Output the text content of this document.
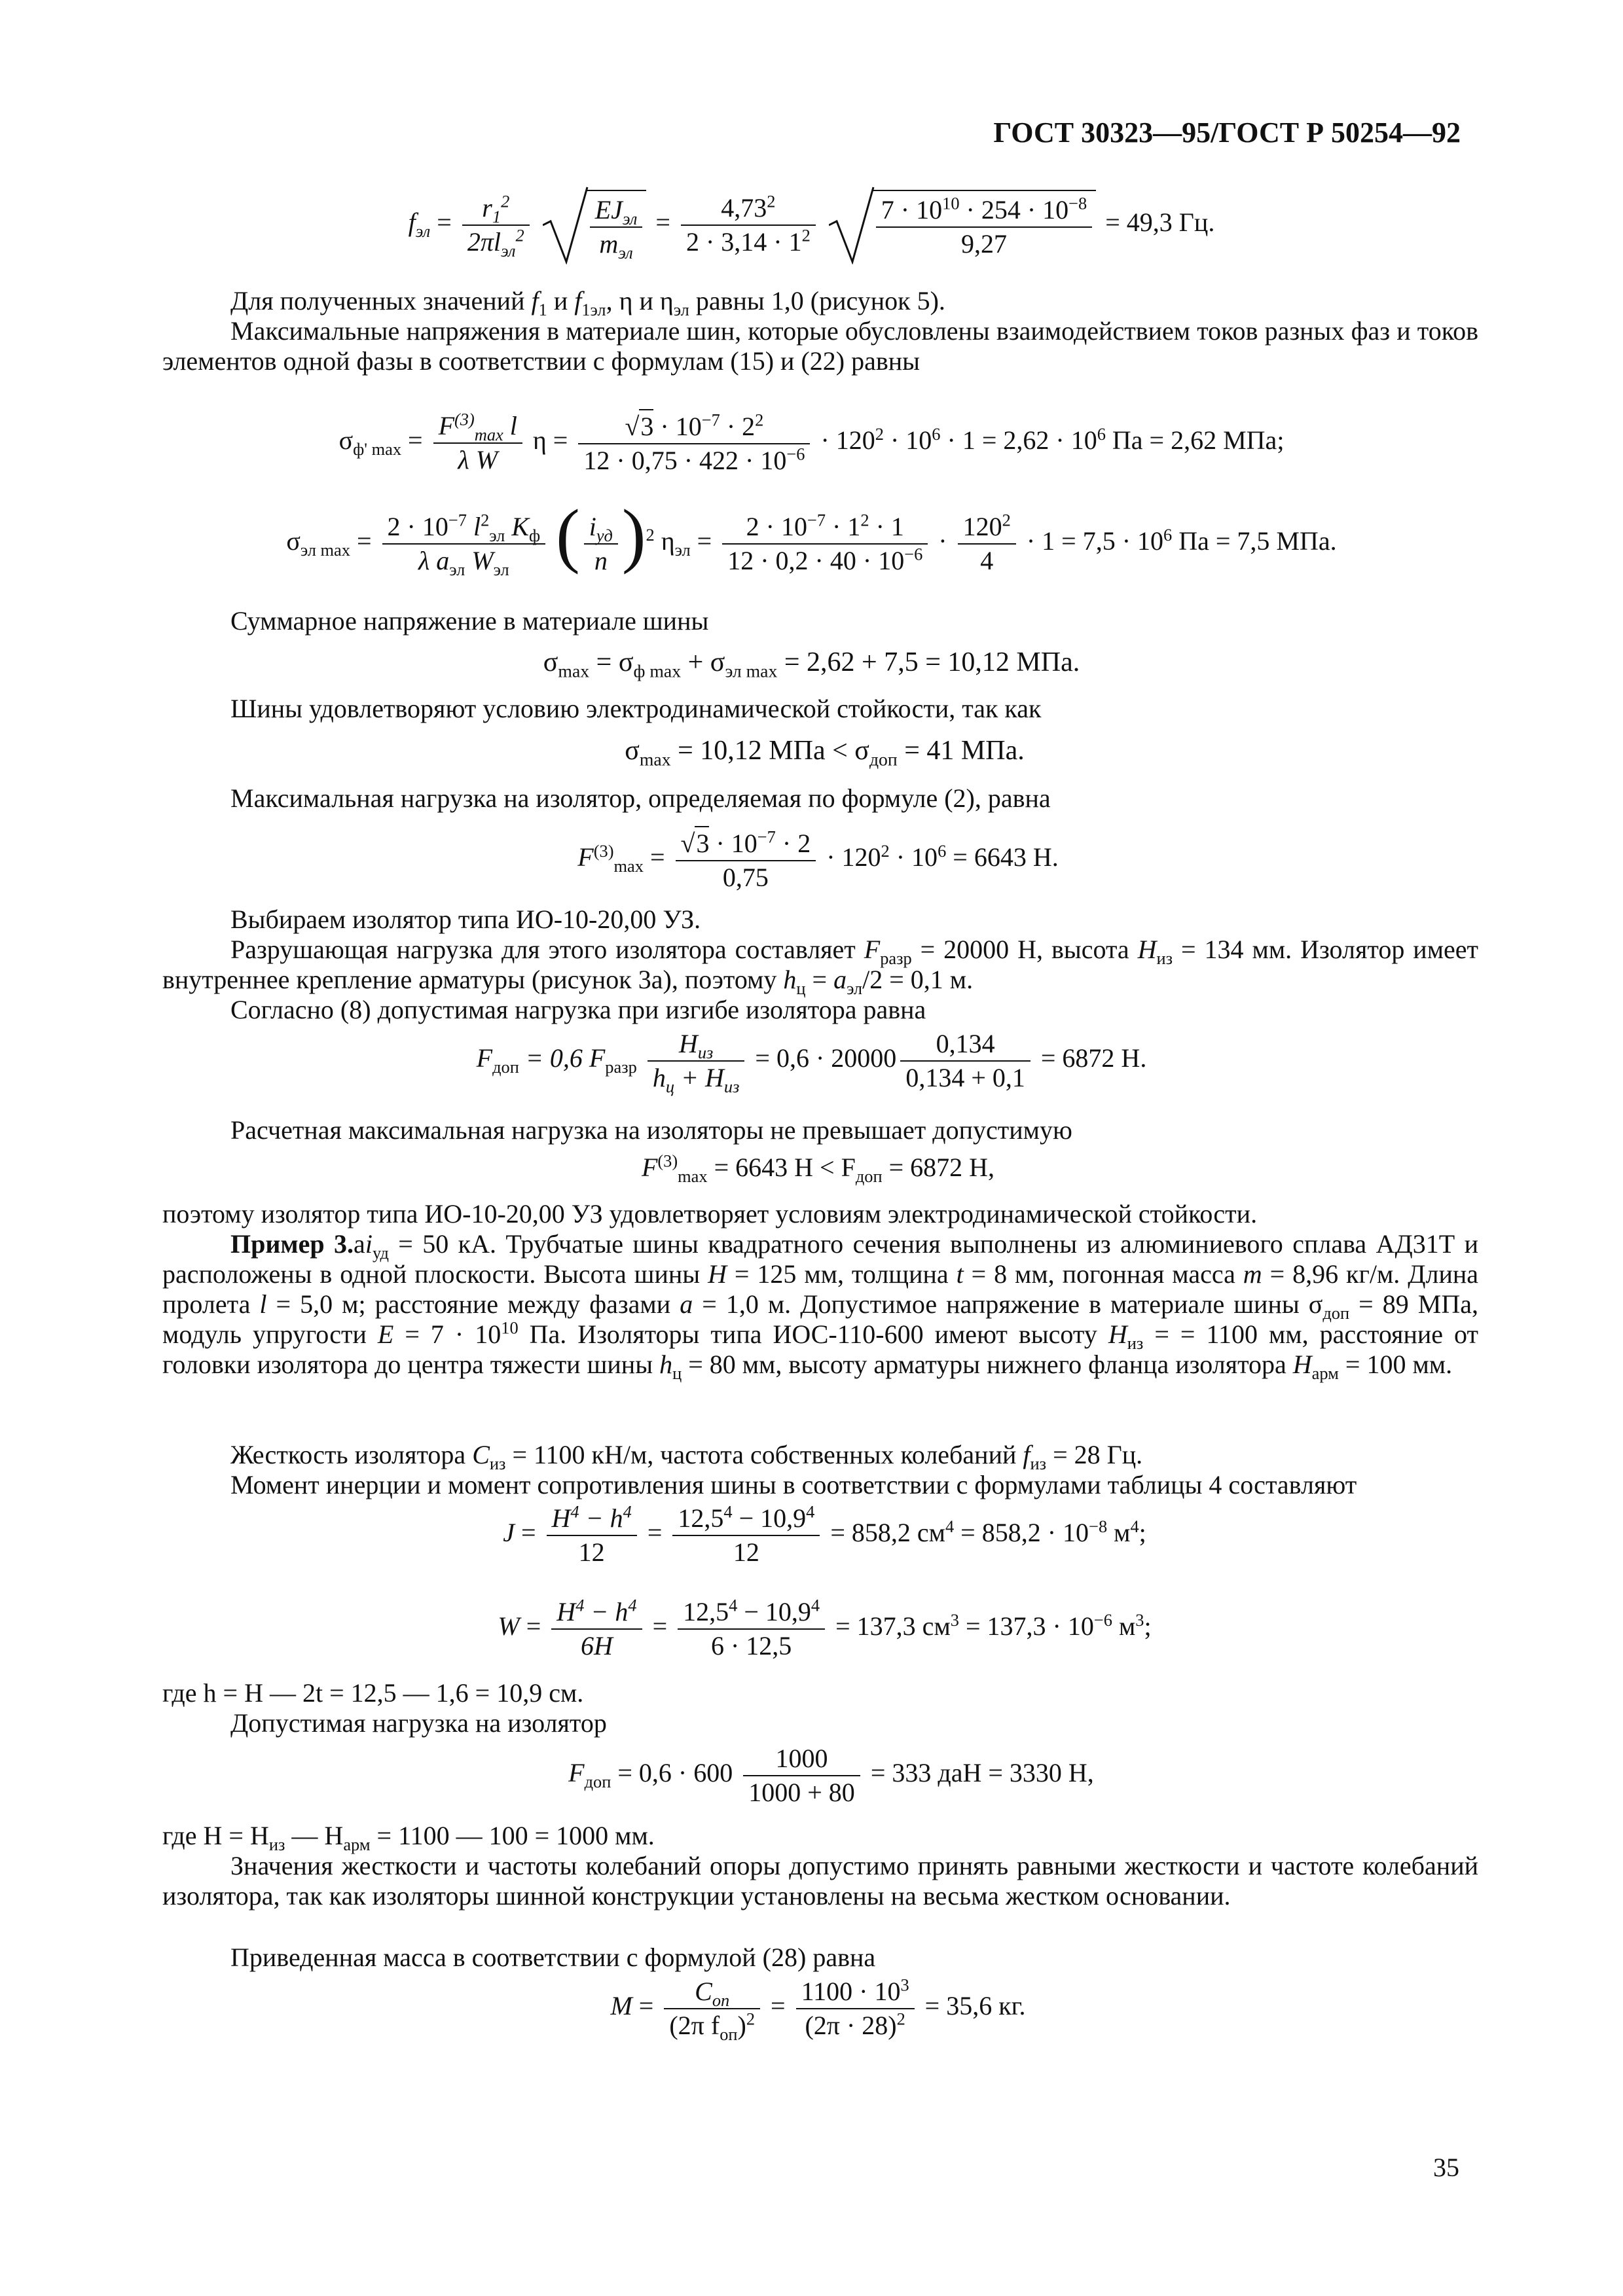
ГОСТ 30323—95/ГОСТ Р 50254—92
$f_{эл} = \frac{r_1^2}{2\pi l_{эл}^2}$
$\frac{EJ_{эл}}{m_{эл}} = \frac{4,73^2}{2 \cdot 3,14 \cdot 1^2}$
$\frac{7 \cdot 10^{10} \cdot 254 \cdot 10^{-8}}{9,27} = 49,3$ Гц.
Для полученных значений $f_1$ и $f_{1эл}$, η и $\eta_{эл}$ равны 1,0 (рисунок 5).
Максимальные напряжения в материале шин, которые обусловлены взаимодействием токов разных фаз и токов элементов одной фазы в соответствии с формулам (15) и (22) равны
$\sigma_{ф' max} = \frac{F^{(3)}_{max} l}{\text{λ W}}$ $\eta = \frac{√3 \cdot 10^{-7} \cdot 2^2}{12 \cdot 0,75 \cdot 422 \cdot 10^{-6}} \cdot 120^2 \cdot 10^6 \cdot 1 = 2,62 \cdot 10^6$ Па = 2,62 МПа;
$\sigma_{эл max} = \frac{2 \cdot 10^{-7} l^2_{эл} K_ф}{\lambda a_{эл} W_{эл}}$ ( $\frac{i_{уд}}{n} )^2$ $\eta_{эл} = \frac{2 \cdot 10^{-7} \cdot 1^2 \cdot 1}{12 \cdot 0,2 \cdot 40 \cdot 10^{-6}} \cdot \frac{120^2}{4} \cdot 1 = 7,5 \cdot 10^6$ Па = 7,5 МПа.
Суммарное напряжение в материале шины
$\sigma_{max} = \sigma_{ф max} + \sigma_{эл max} = 2,62 + 7,5 = 10,12$ МПа.
Шины удовлетворяют условию электродинамической стойкости, так как
$\sigma_{max} = 10,12$ МПа < $\sigma_{доп} = 41$ МПа.
Максимальная нагрузка на изолятор, определяемая по формуле (2), равна
$F^{(3)}_{max} = \frac{√3 \cdot 10^{-7} \cdot 2}{0,75} \cdot 120^2 \cdot 10^6 = 6643$ Н.
Выбираем изолятор типа ИО-10-20,00 УЗ.
Разрушающая нагрузка для этого изолятора составляет $F_{разр} = 20000$ Н, высота $H_{из} = 134$ мм. Изолятор имеет внутреннее крепление арматуры (рисунок 3а), поэтому $h_ц = a_{эл}/2 = 0,1$ м.
Согласно (8) допустимая нагрузка при изгибе изолятора равна
$F_{доп} = 0,6$ $F_{разр} \frac{H_{из}}{h_ц + H_{из}} = 0,6 \cdot 20000 \frac{0,134}{0,134 + 0,1} = 6872$ Н.
Расчетная максимальная нагрузка на изоляторы не превышает допустимую
$F^{(3)}_{max} = 6643$ $Н < F_{доп} = 6872$ Н,
поэтому изолятор типа ИО-10-20,00 УЗ удовлетворяет условиям электродинамической стойкости.
Пример $3.ai_{уд} = 50$ кА. Трубчатые шины квадратного сечения выполнены из алюминиевого сплава АД31Т и расположены в одной плоскости. Высота шины H = 125 мм, толщина t = 8 мм, погонная масса m = 8,96 кг/м. Длина пролета l = 5,0 м; расстояние между фазами a = 1,0 м. Допустимое напряжение в материале шины $\sigma_{доп} = 89$ МПа, модуль упругости $E = 7 \cdot 10^{10}$ Па. Изоляторы типа ИОС-110-600 имеют высоту $H_{из}$ = = 1100 мм, расстояние от головки изолятора до центра тяжести шины $h_ц = 80$ мм, высоту арматуры нижнего фланца изолятора $H_{арм} = 100$ мм.
Жесткость изолятора $C_{из} = 1100$ кН/м, частота собственных колебаний $f_{из} = 28$ Гц.
Момент инерции и момент сопротивления шины в соответствии с формулами таблицы 4 составляют
$J = \frac{H^4 - h^4}{12} = \frac{12,5^4 - 10,9^4}{12} = 858,2$ $см^4 = 858,2 \cdot 10^{-8}$ $м^4$;
$W = \frac{H^4 - h^4}{6H} = \frac{12,5^4 - 10,9^4}{6 \cdot 12,5} = 137,3$ $см^3 = 137,3 \cdot 10^{-6}$ $м^3$;
где h = H — 2t = 12,5 — 1,6 = 10,9 см.
Допустимая нагрузка на изолятор
$F_{доп} = 0,6 \cdot 600 \frac{1000}{1000 + 80} = 333$ даН = 3330 Н,
где $H = H_{из}$ — $H_{арм} = 1100$ — 100 = 1000 мм.
Значения жесткости и частоты колебаний опоры допустимо принять равными жесткости и частоте колебаний изолятора, так как изоляторы шинной конструкции установлены на весьма жестком основании.
Приведенная масса в соответствии с формулой (28) равна
$M = \frac{C_{оп}}{(2\pi f_{оп})^2} = \frac{1100 \cdot 10^3}{(2\pi \cdot 28)^2} = 35,6$ кг.
35
